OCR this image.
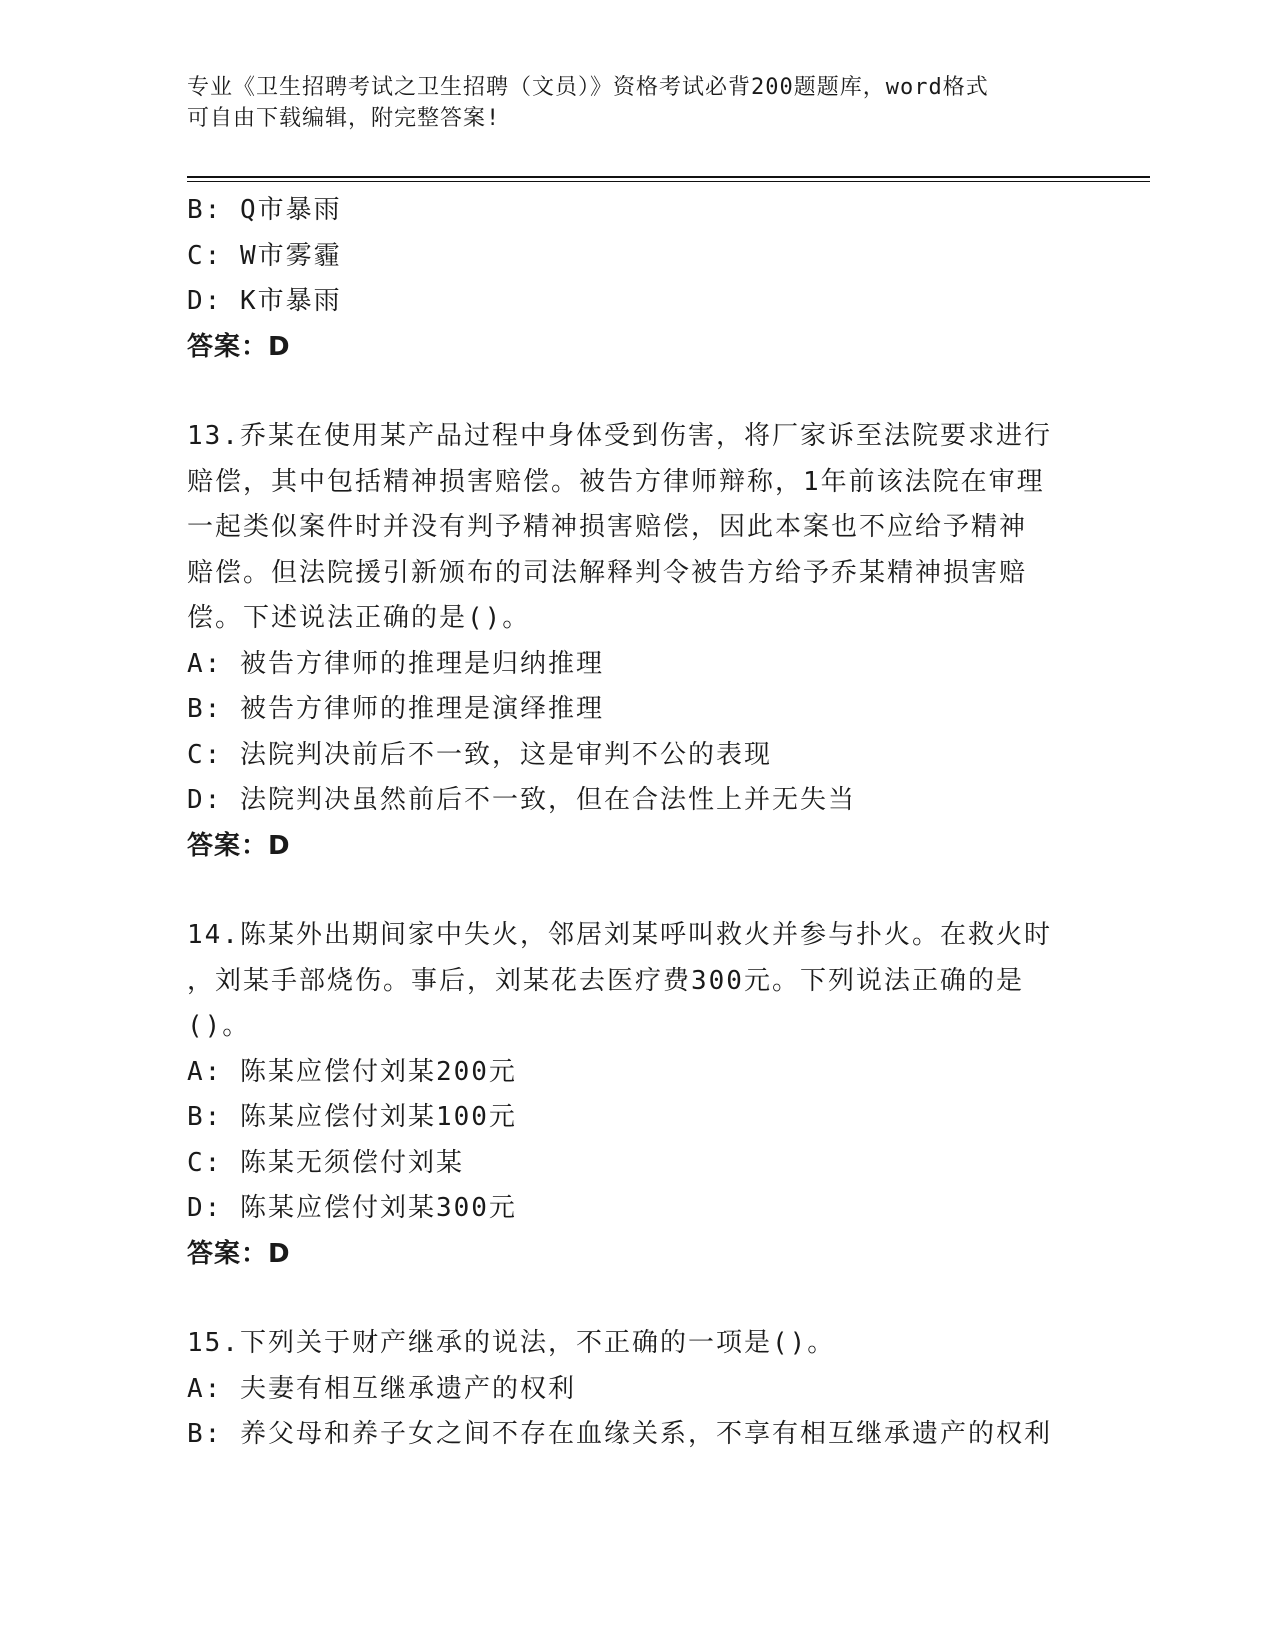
专业《卫生招聘考试之卫生招聘（文员）》资格考试必背200题题库，word格式
可自由下载编辑，附完整答案!
B: Q市暴雨
C: W市雾霾
D: K市暴雨
答案：D
13.乔某在使用某产品过程中身体受到伤害，将厂家诉至法院要求进行
赔偿，其中包括精神损害赔偿。被告方律师辩称，1年前该法院在审理
一起类似案件时并没有判予精神损害赔偿，因此本案也不应给予精神
赔偿。但法院援引新颁布的司法解释判令被告方给予乔某精神损害赔
偿。下述说法正确的是()。
A: 被告方律师的推理是归纳推理
B: 被告方律师的推理是演绎推理
C: 法院判决前后不一致，这是审判不公的表现
D: 法院判决虽然前后不一致，但在合法性上并无失当
答案：D
14.陈某外出期间家中失火，邻居刘某呼叫救火并参与扑火。在救火时
，刘某手部烧伤。事后，刘某花去医疗费300元。下列说法正确的是
()。
A: 陈某应偿付刘某200元
B: 陈某应偿付刘某100元
C: 陈某无须偿付刘某
D: 陈某应偿付刘某300元
答案：D
15.下列关于财产继承的说法，不正确的一项是()。
A: 夫妻有相互继承遗产的权利
B: 养父母和养子女之间不存在血缘关系，不享有相互继承遗产的权利
